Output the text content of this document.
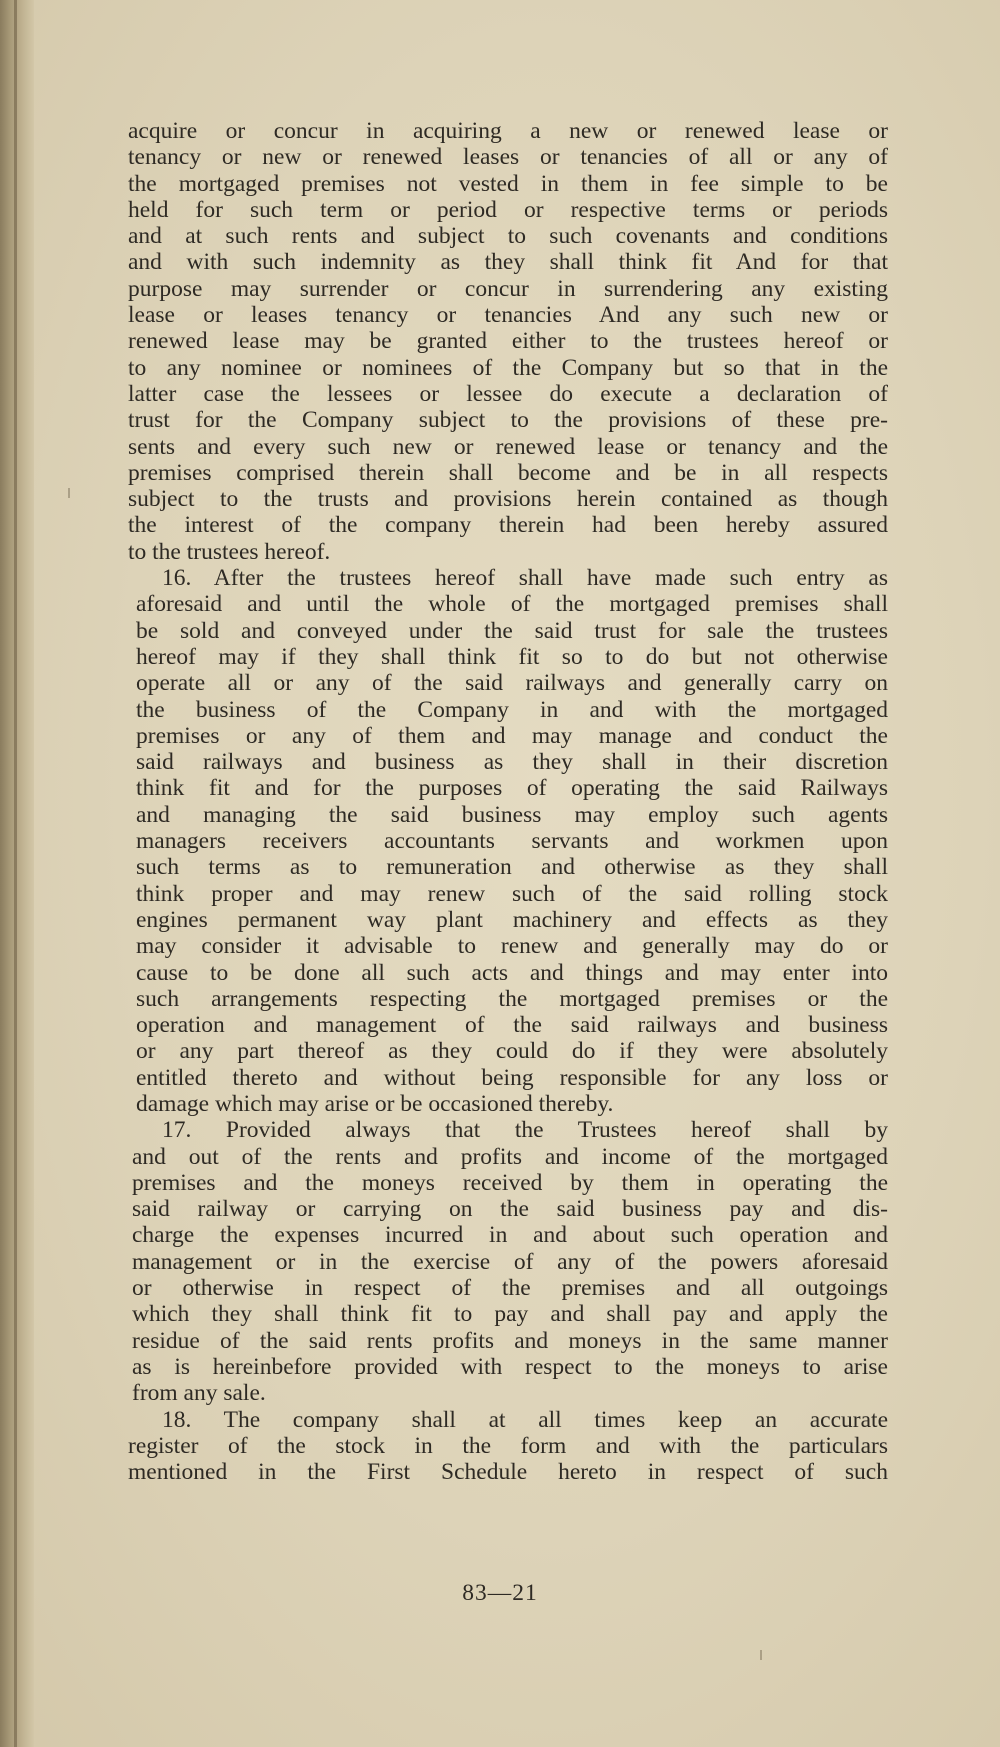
acquire or concur in acquiring a new or renewed lease or
tenancy or new or renewed leases or tenancies of all or any of
the mortgaged premises not vested in them in fee simple to be
held for such term or period or respective terms or periods
and at such rents and subject to such covenants and conditions
and with such indemnity as they shall think fit And for that
purpose may surrender or concur in surrendering any existing
lease or leases tenancy or tenancies And any such new or
renewed lease may be granted either to the trustees hereof or
to any nominee or nominees of the Company but so that in the
latter case the lessees or lessee do execute a declaration of
trust for the Company subject to the provisions of these pre-
sents and every such new or renewed lease or tenancy and the
premises comprised therein shall become and be in all respects
subject to the trusts and provisions herein contained as though
the interest of the company therein had been hereby assured
to the trustees hereof.
16. After the trustees hereof shall have made such entry as
aforesaid and until the whole of the mortgaged premises shall
be sold and conveyed under the said trust for sale the trustees
hereof may if they shall think fit so to do but not otherwise
operate all or any of the said railways and generally carry on
the business of the Company in and with the mortgaged
premises or any of them and may manage and conduct the
said railways and business as they shall in their discretion
think fit and for the purposes of operating the said Railways
and managing the said business may employ such agents
managers receivers accountants servants and workmen upon
such terms as to remuneration and otherwise as they shall
think proper and may renew such of the said rolling stock
engines permanent way plant machinery and effects as they
may consider it advisable to renew and generally may do or
cause to be done all such acts and things and may enter into
such arrangements respecting the mortgaged premises or the
operation and management of the said railways and business
or any part thereof as they could do if they were absolutely
entitled thereto and without being responsible for any loss or
damage which may arise or be occasioned thereby.
17. Provided always that the Trustees hereof shall by
and out of the rents and profits and income of the mortgaged
premises and the moneys received by them in operating the
said railway or carrying on the said business pay and dis-
charge the expenses incurred in and about such operation and
management or in the exercise of any of the powers aforesaid
or otherwise in respect of the premises and all outgoings
which they shall think fit to pay and shall pay and apply the
residue of the said rents profits and moneys in the same manner
as is hereinbefore provided with respect to the moneys to arise
from any sale.
18. The company shall at all times keep an accurate
register of the stock in the form and with the particulars
mentioned in the First Schedule hereto in respect of such
83—21
